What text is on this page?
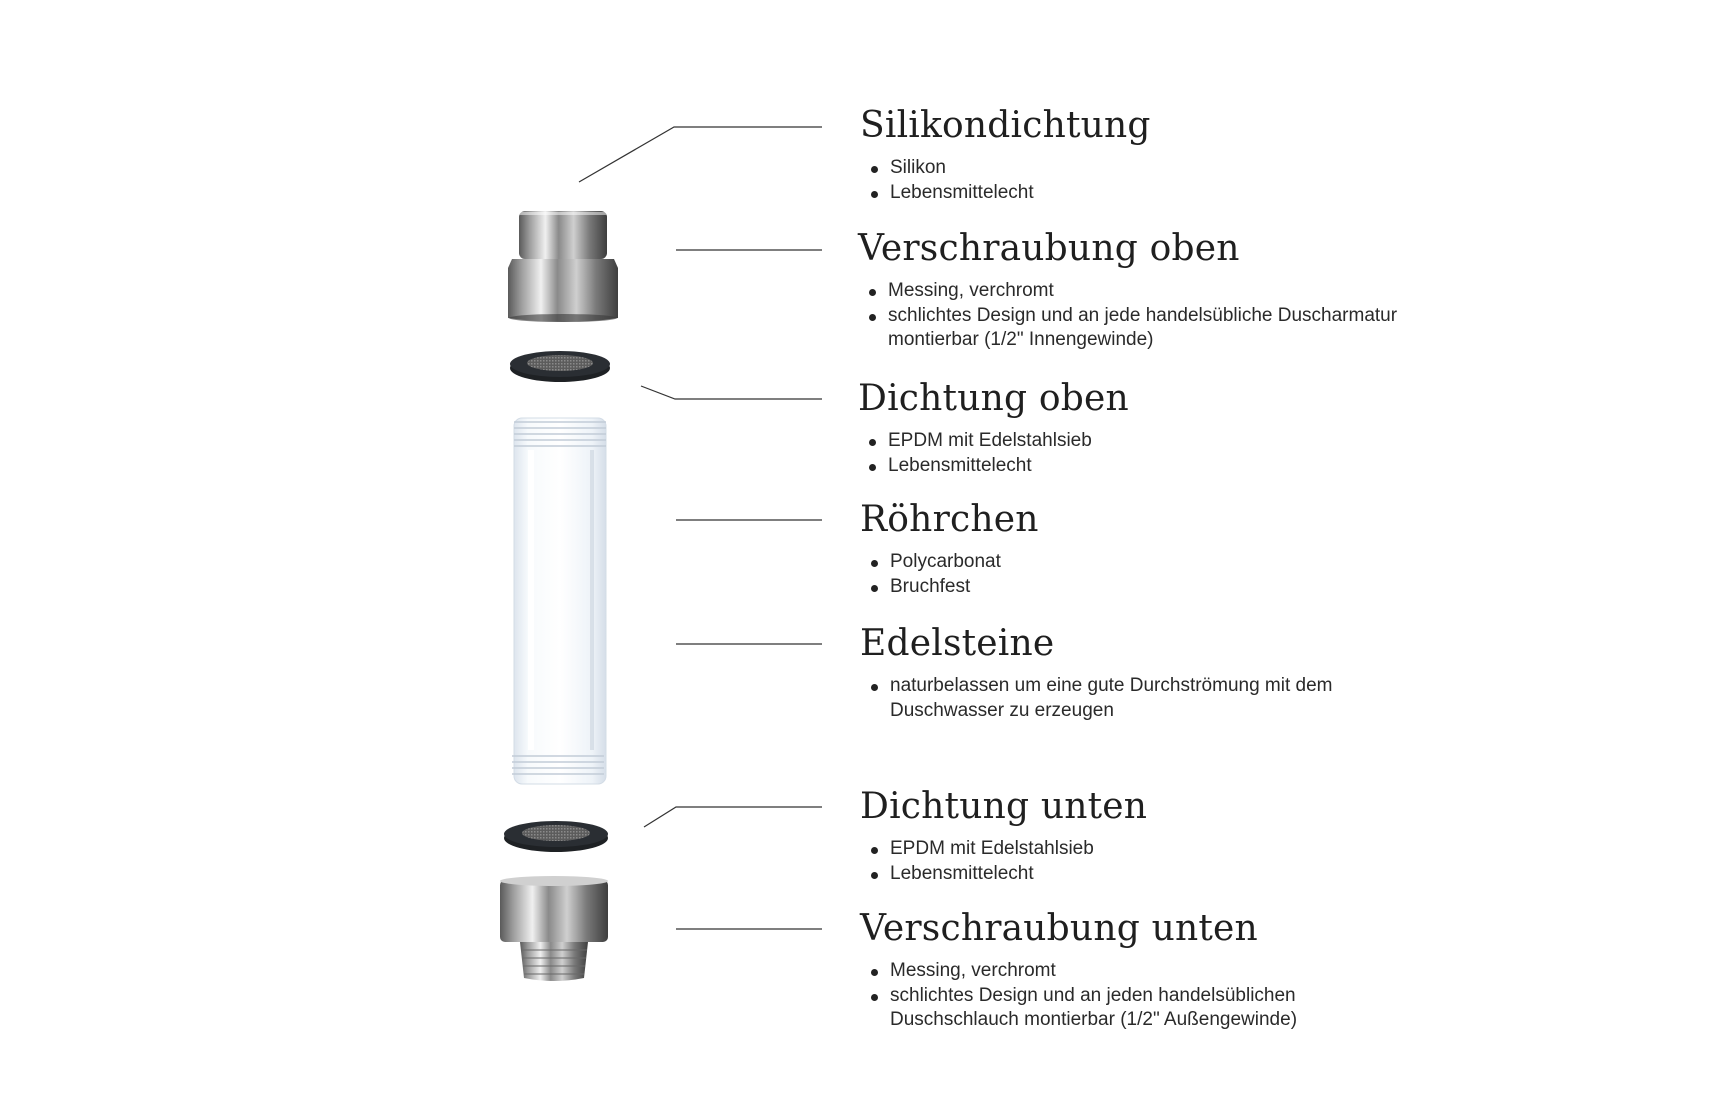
Silikondichtung
Silikon
Lebensmittelecht
Verschraubung oben
Messing, verchromt
schlichtes Design und an jede handelsübliche Duscharmatur montierbar (1/2" Innengewinde)
Dichtung oben
EPDM mit Edelstahlsieb
Lebensmittelecht
Röhrchen
Polycarbonat
Bruchfest
Edelsteine
naturbelassen um eine gute Durchströmung mit dem Duschwasser zu erzeugen
Dichtung unten
EPDM mit Edelstahlsieb
Lebensmittelecht
Verschraubung unten
Messing, verchromt
schlichtes Design und an jeden handelsüblichen Duschschlauch montierbar (1/2" Außengewinde)
